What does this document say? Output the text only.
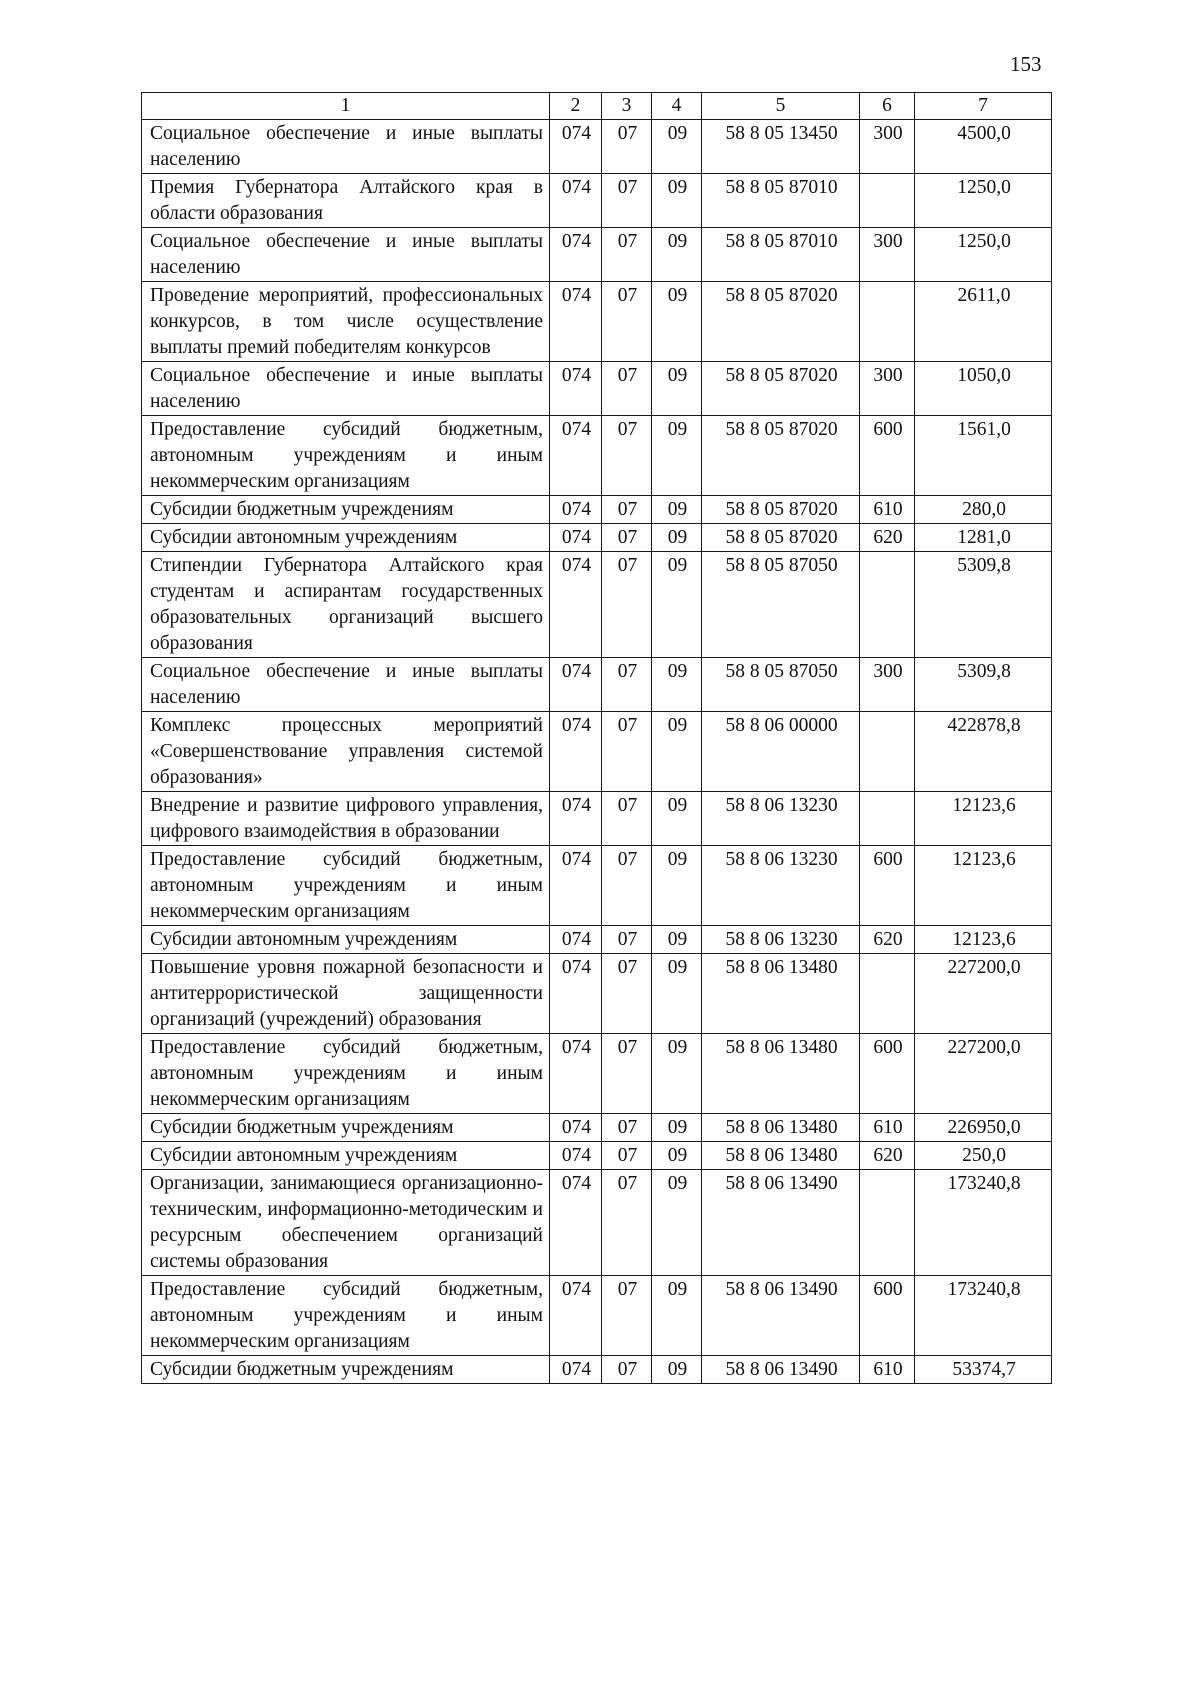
153
1	2	3	4	5	6	7
Социальное обеспечение и иные выплаты населению	074	07	09	58 8 05 13450	300	4500,0
Премия Губернатора Алтайского края в области образования	074	07	09	58 8 05 87010		1250,0
Социальное обеспечение и иные выплаты населению	074	07	09	58 8 05 87010	300	1250,0
Проведение мероприятий, профессиональных конкурсов, в том числе осуществление выплаты премий победителям конкурсов	074	07	09	58 8 05 87020		2611,0
Социальное обеспечение и иные выплаты населению	074	07	09	58 8 05 87020	300	1050,0
Предоставление субсидий бюджетным, автономным учреждениям и иным некоммерческим организациям	074	07	09	58 8 05 87020	600	1561,0
Субсидии бюджетным учреждениям	074	07	09	58 8 05 87020	610	280,0
Субсидии автономным учреждениям	074	07	09	58 8 05 87020	620	1281,0
Стипендии Губернатора Алтайского края студентам и аспирантам государственных образовательных организаций высшего образования	074	07	09	58 8 05 87050		5309,8
Социальное обеспечение и иные выплаты населению	074	07	09	58 8 05 87050	300	5309,8
Комплекс процессных мероприятий «Совершенствование управления системой образования»	074	07	09	58 8 06 00000		422878,8
Внедрение и развитие цифрового управления, цифрового взаимодействия в образовании	074	07	09	58 8 06 13230		12123,6
Предоставление субсидий бюджетным, автономным учреждениям и иным некоммерческим организациям	074	07	09	58 8 06 13230	600	12123,6
Субсидии автономным учреждениям	074	07	09	58 8 06 13230	620	12123,6
Повышение уровня пожарной безопасности и антитеррористической защищенности организаций (учреждений) образования	074	07	09	58 8 06 13480		227200,0
Предоставление субсидий бюджетным, автономным учреждениям и иным некоммерческим организациям	074	07	09	58 8 06 13480	600	227200,0
Субсидии бюджетным учреждениям	074	07	09	58 8 06 13480	610	226950,0
Субсидии автономным учреждениям	074	07	09	58 8 06 13480	620	250,0
Организации, занимающиеся организационно-техническим, информационно-методическим и ресурсным обеспечением организаций системы образования	074	07	09	58 8 06 13490		173240,8
Предоставление субсидий бюджетным, автономным учреждениям и иным некоммерческим организациям	074	07	09	58 8 06 13490	600	173240,8
Субсидии бюджетным учреждениям	074	07	09	58 8 06 13490	610	53374,7
